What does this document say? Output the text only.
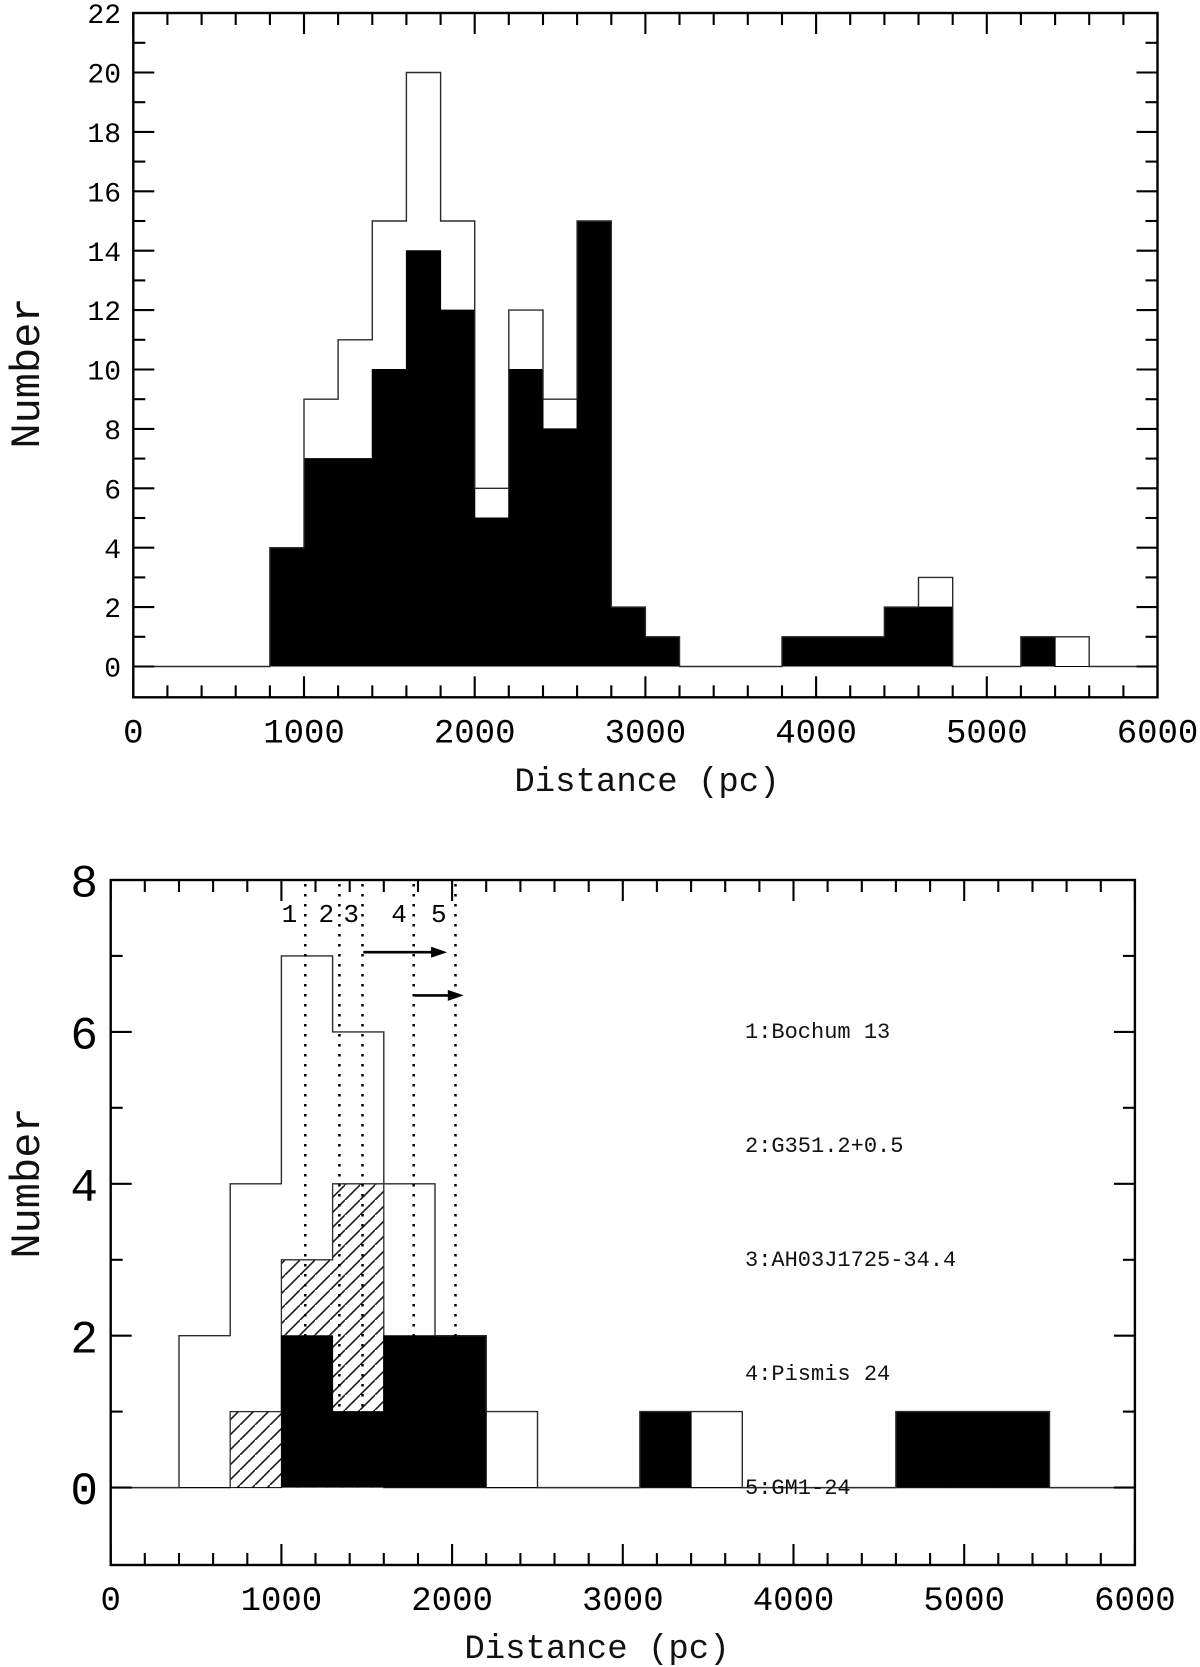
0	1000	2000	3000	4000	5000	6000
0
2
4
6
8
10
12
14
16
18
20
22
1 2 3 4 5
0	1000	2000	3000	4000	5000	6000
0
2
4
6
8
Distance (pc)
Number
Distance (pc)
Number

1:Bochum 13

2:G351.2+0.5

3:AH03J1725-34.4

4:Pismis 24

5:GM1-24
